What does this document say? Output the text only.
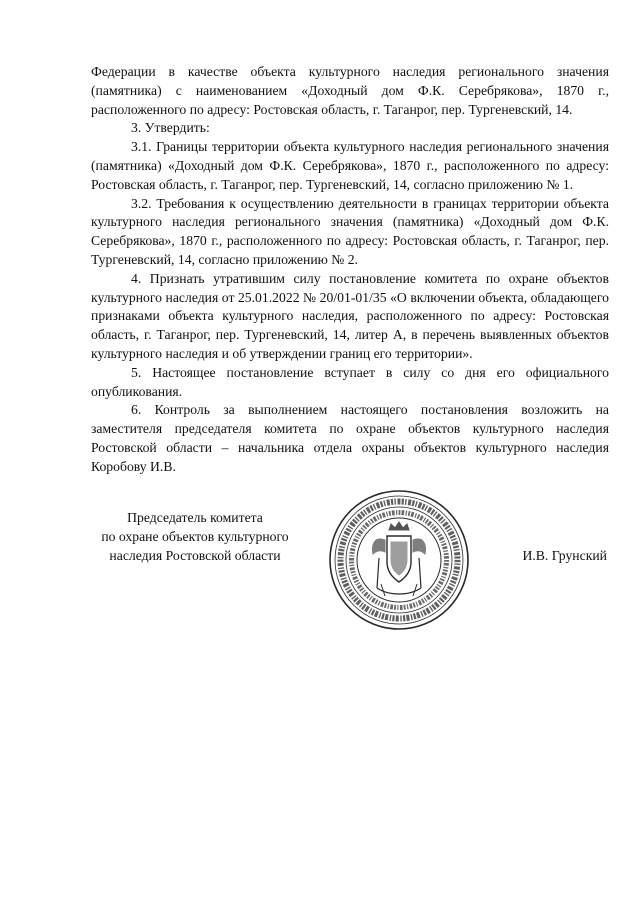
Федерации в качестве объекта культурного наследия регионального значения (памятника) с наименованием «Доходный дом Ф.К. Серебрякова», 1870 г., расположенного по адресу: Ростовская область, г. Таганрог, пер. Тургеневский, 14.

3. Утвердить:

3.1. Границы территории объекта культурного наследия регионального значения (памятника) «Доходный дом Ф.К. Серебрякова», 1870 г., расположенного по адресу: Ростовская область, г. Таганрог, пер. Тургеневский, 14, согласно приложению № 1.

3.2. Требования к осуществлению деятельности в границах территории объекта культурного наследия регионального значения (памятника) «Доходный дом Ф.К. Серебрякова», 1870 г., расположенного по адресу: Ростовская область, г. Таганрог, пер. Тургеневский, 14, согласно приложению № 2.

4. Признать утратившим силу постановление комитета по охране объектов культурного наследия от 25.01.2022 № 20/01-01/35 «О включении объекта, обладающего признаками объекта культурного наследия, расположенного по адресу: Ростовская область, г. Таганрог, пер. Тургеневский, 14, литер А, в перечень выявленных объектов культурного наследия и об утверждении границ его территории».

5. Настоящее постановление вступает в силу со дня его официального опубликования.

6. Контроль за выполнением настоящего постановления возложить на заместителя председателя комитета по охране объектов культурного наследия Ростовской области – начальника отдела охраны объектов культурного наследия Коробову И.В.

Председатель комитета
по охране объектов культурного
наследия Ростовской области	И.В. Грунский
